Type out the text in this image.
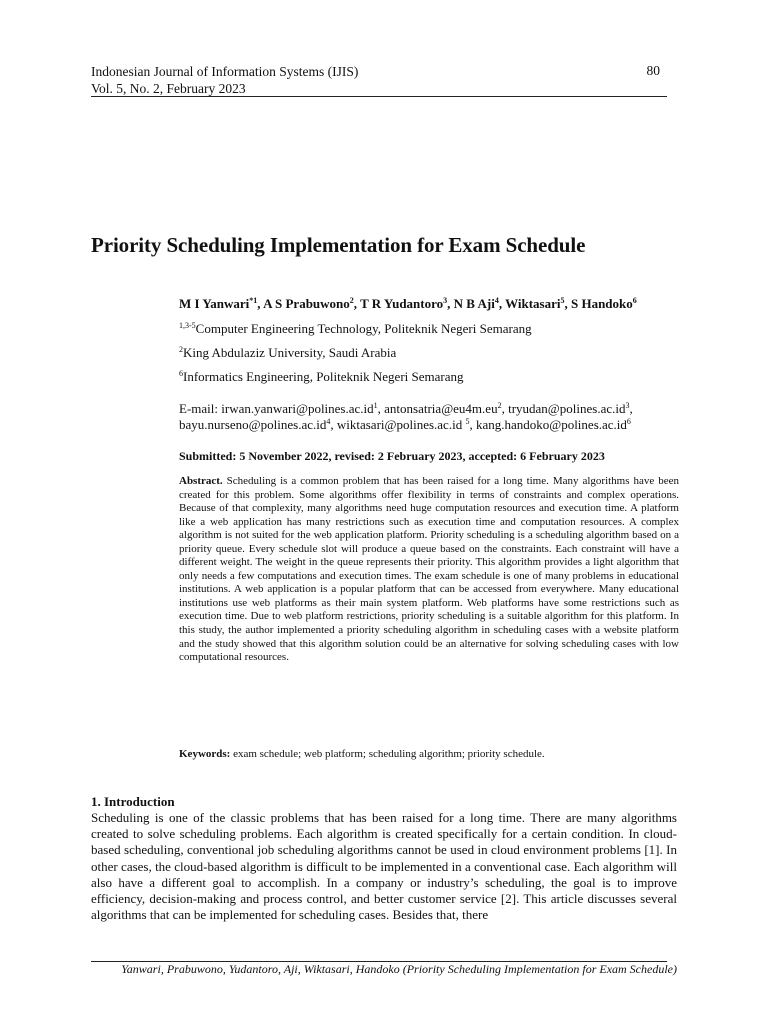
Indonesian Journal of Information Systems (IJIS)
Vol. 5, No. 2, February 2023
80
Priority Scheduling Implementation for Exam Schedule
M I Yanwari$^{*1}$, A S Prabuwono$^2$, T R Yudantoro$^3$, N B Aji$^4$, Wiktasari$^5$, S Handoko$^6$
$^{1,3-5}$Computer Engineering Technology, Politeknik Negeri Semarang
$^2$King Abdulaziz University, Saudi Arabia
$^6$Informatics Engineering, Politeknik Negeri Semarang
E-mail: $irwan.yanwari@polines.ac.id^1$, $antonsatria@eu4m.eu^2$, $tryudan@polines.ac.id^3$,
$bayu.nurseno@polines.ac.id^4$, wiktasari@polines.ac.id $^5$, $kang.handoko@polines.ac.id^6$
Submitted: 5 November 2022, revised: 2 February 2023, accepted: 6 February 2023
Abstract. Scheduling is a common problem that has been raised for a long time. Many algorithms have been created for this problem. Some algorithms offer flexibility in terms of constraints and complex operations. Because of that complexity, many algorithms need huge computation resources and execution time. A platform like a web application has many restrictions such as execution time and computation resources. A complex algorithm is not suited for the web application platform. Priority scheduling is a scheduling algorithm based on a priority queue. Every schedule slot will produce a queue based on the constraints. Each constraint will have a different weight. The weight in the queue represents their priority. This algorithm provides a light algorithm that only needs a few computations and execution times. The exam schedule is one of many problems in educational institutions. A web application is a popular platform that can be accessed from everywhere. Many educational institutions use web platforms as their main system platform. Web platforms have some restrictions such as execution time. Due to web platform restrictions, priority scheduling is a suitable algorithm for this platform. In this study, the author implemented a priority scheduling algorithm in scheduling cases with a website platform and the study showed that this algorithm solution could be an alternative for solving scheduling cases with low computational resources.
Keywords: exam schedule; web platform; scheduling algorithm; priority schedule.
1. Introduction
Scheduling is one of the classic problems that has been raised for a long time. There are many algorithms created to solve scheduling problems. Each algorithm is created specifically for a certain condition. In cloud-based scheduling, conventional job scheduling algorithms cannot be used in cloud environment problems [1]. In other cases, the cloud-based algorithm is difficult to be implemented in a conventional case. Each algorithm will also have a different goal to accomplish. In a company or industry’s scheduling, the goal is to improve efficiency, decision-making and process control, and better customer service [2]. This article discusses several algorithms that can be implemented for scheduling cases. Besides that, there
Yanwari, Prabuwono, Yudantoro, Aji, Wiktasari, Handoko (Priority Scheduling Implementation for Exam Schedule)
